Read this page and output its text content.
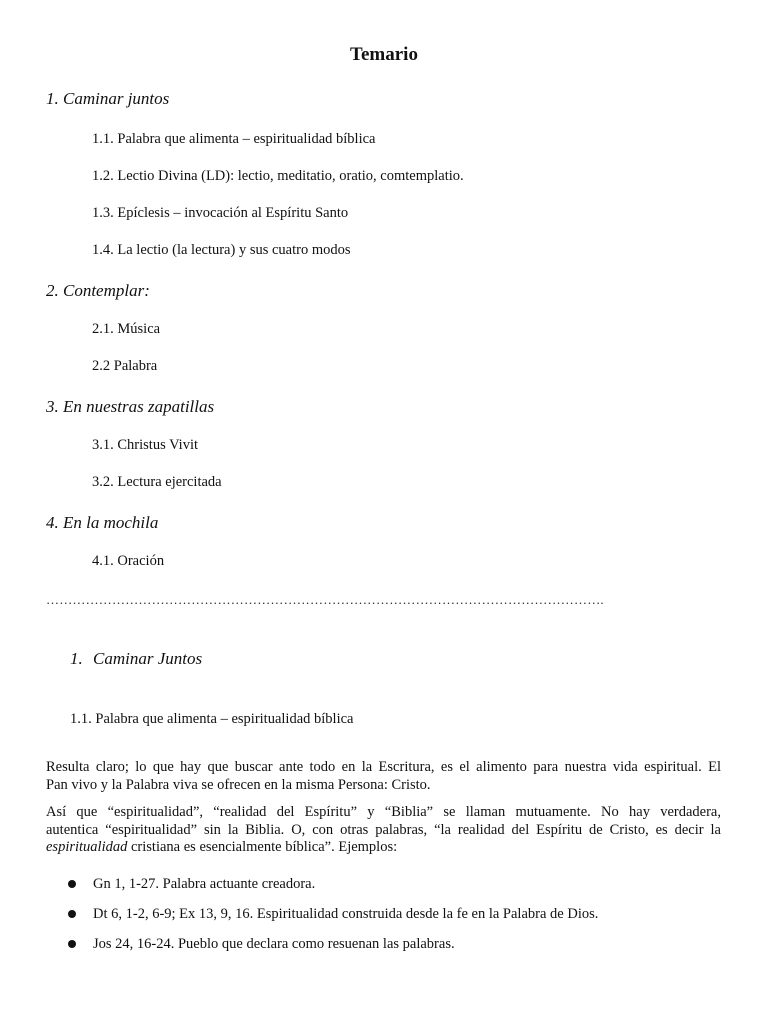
Temario
1. Caminar juntos
1.1. Palabra que alimenta – espiritualidad bíblica
1.2. Lectio Divina (LD): lectio, meditatio, oratio, comtemplatio.
1.3. Epíclesis – invocación al Espíritu Santo
1.4. La lectio (la lectura) y sus cuatro modos
2. Contemplar:
2.1. Música
2.2 Palabra
3. En nuestras zapatillas
3.1. Christus Vivit
3.2. Lectura ejercitada
4. En la mochila
4.1. Oración
……………………………………………………………………………………………………………….
1. Caminar Juntos
1.1. Palabra que alimenta – espiritualidad bíblica
Resulta claro; lo que hay que buscar ante todo en la Escritura, es el alimento para nuestra vida espiritual. El
Pan vivo y la Palabra viva se ofrecen en la misma Persona: Cristo.
Así que “espiritualidad”, “realidad del Espíritu” y “Biblia” se llaman mutuamente. No hay verdadera,
autentica “espiritualidad” sin la Biblia. O, con otras palabras, “la realidad del Espíritu de Cristo, es decir la
espiritualidad cristiana es esencialmente bíblica”. Ejemplos:
Gn 1, 1-27. Palabra actuante creadora.
Dt 6, 1-2, 6-9; Ex 13, 9, 16. Espiritualidad construida desde la fe en la Palabra de Dios.
Jos 24, 16-24. Pueblo que declara como resuenan las palabras.
